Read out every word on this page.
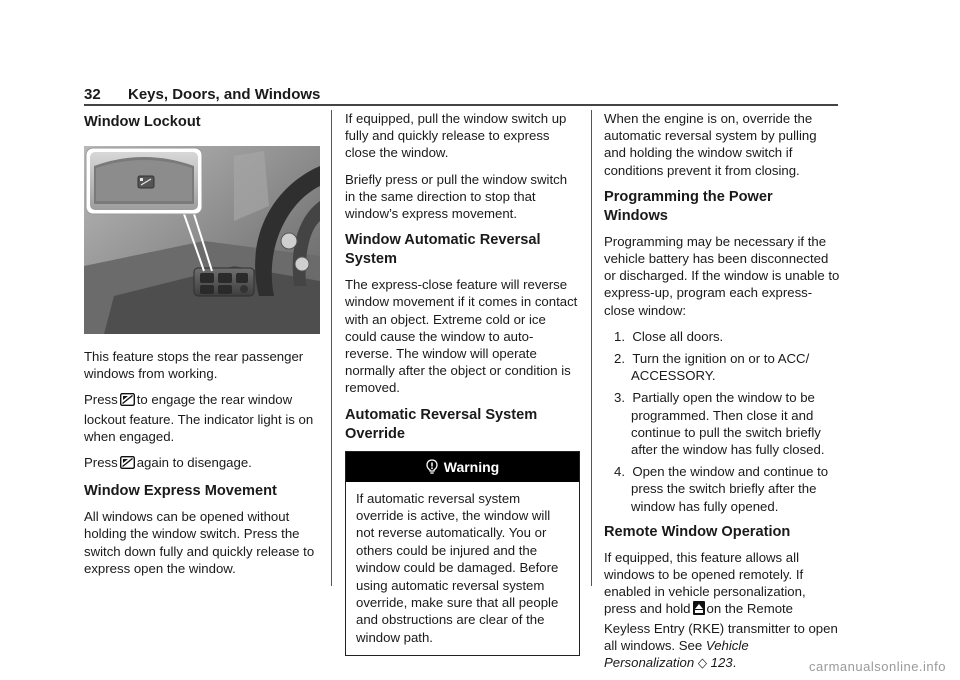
32 Keys, Doors, and Windows
Window Lockout

This feature stops the rear passenger windows from working.

Press to engage the rear window lockout feature. The indicator light is on when engaged.

Press again to disengage.

Window Express Movement

All windows can be opened without holding the window switch. Press the switch down fully and quickly release to express open the window.

If equipped, pull the window switch up fully and quickly release to express close the window.

Briefly press or pull the window switch in the same direction to stop that window’s express movement.

Window Automatic Reversal System

The express-close feature will reverse window movement if it comes in contact with an object. Extreme cold or ice could cause the window to auto-reverse. The window will operate normally after the object or condition is removed.

Automatic Reversal System Override
Warning
If automatic reversal system override is active, the window will not reverse automatically. You or others could be injured and the window could be damaged. Before using automatic reversal system override, make sure that all people and obstructions are clear of the window path.

When the engine is on, override the automatic reversal system by pulling and holding the window switch if conditions prevent it from closing.

Programming the Power Windows

Programming may be necessary if the vehicle battery has been disconnected or discharged. If the window is unable to express-up, program each express-close window:

1. Close all doors.
2. Turn the ignition on or to ACC/ ACCESSORY.
3. Partially open the window to be programmed. Then close it and continue to pull the switch briefly after the window has fully closed.
4. Open the window and continue to press the switch briefly after the window has fully opened.
Remote Window Operation

If equipped, this feature allows all windows to be opened remotely. If enabled in vehicle personalization, press and hold on the Remote Keyless Entry (RKE) transmitter to open all windows. See Vehicle Personalization ◇ 123.	carmanualsonline.info
